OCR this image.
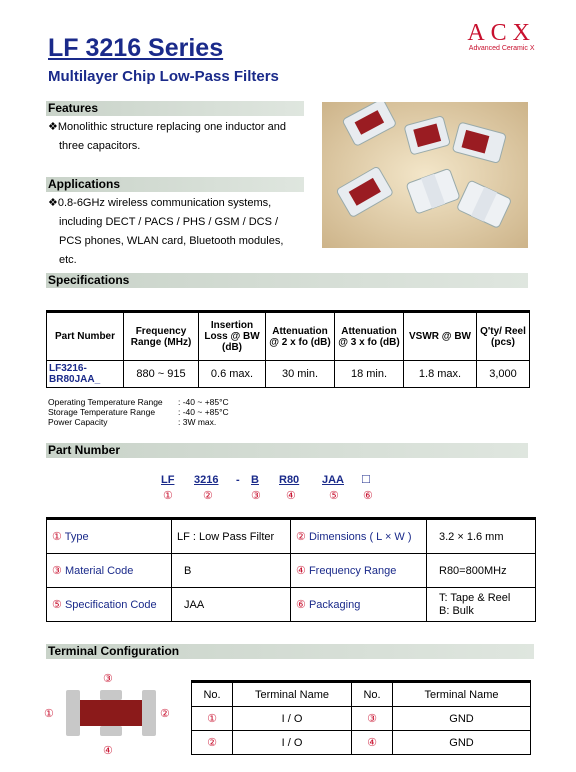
LF 3216 Series
Multilayer Chip Low-Pass Filters
ACX
Advanced Ceramic X
Features
❖Monolithic structure replacing one inductor and
three capacitors.
Applications
❖0.8-6GHz wireless communication systems,
including DECT / PACS / PHS / GSM / DCS /
PCS phones, WLAN card, Bluetooth modules,
etc.
Specifications
Part Number	Frequency Range (MHz)	Insertion Loss @ BW (dB)	Attenuation @ 2 x fo (dB)	Attenuation @ 3 x fo (dB)	VSWR @ BW	Q'ty/ Reel (pcs)
LF3216-BR80JAA_	880 ~ 915	0.6 max.	30 min.	18 min.	1.8 max.	3,000
Operating Temperature Range : -40 ~ +85°C
Storage Temperature Range	: -40 ~ +85°C
Power Capacity	: 3W max.
Part Number
LF 3216 - B R80 JAA □
①	②	③ ④	⑤ ⑥
① Type	LF : Low Pass Filter	② Dimensions ( L × W )	3.2 × 1.6 mm
③ Material Code	B	④ Frequency Range	R80=800MHz
⑤ Specification Code	JAA	⑥ Packaging	T: Tape & Reel
B: Bulk
Terminal Configuration
①	②
③
④
No.	Terminal Name	No.	Terminal Name
①	I / O	③	GND
②	I / O	④	GND
